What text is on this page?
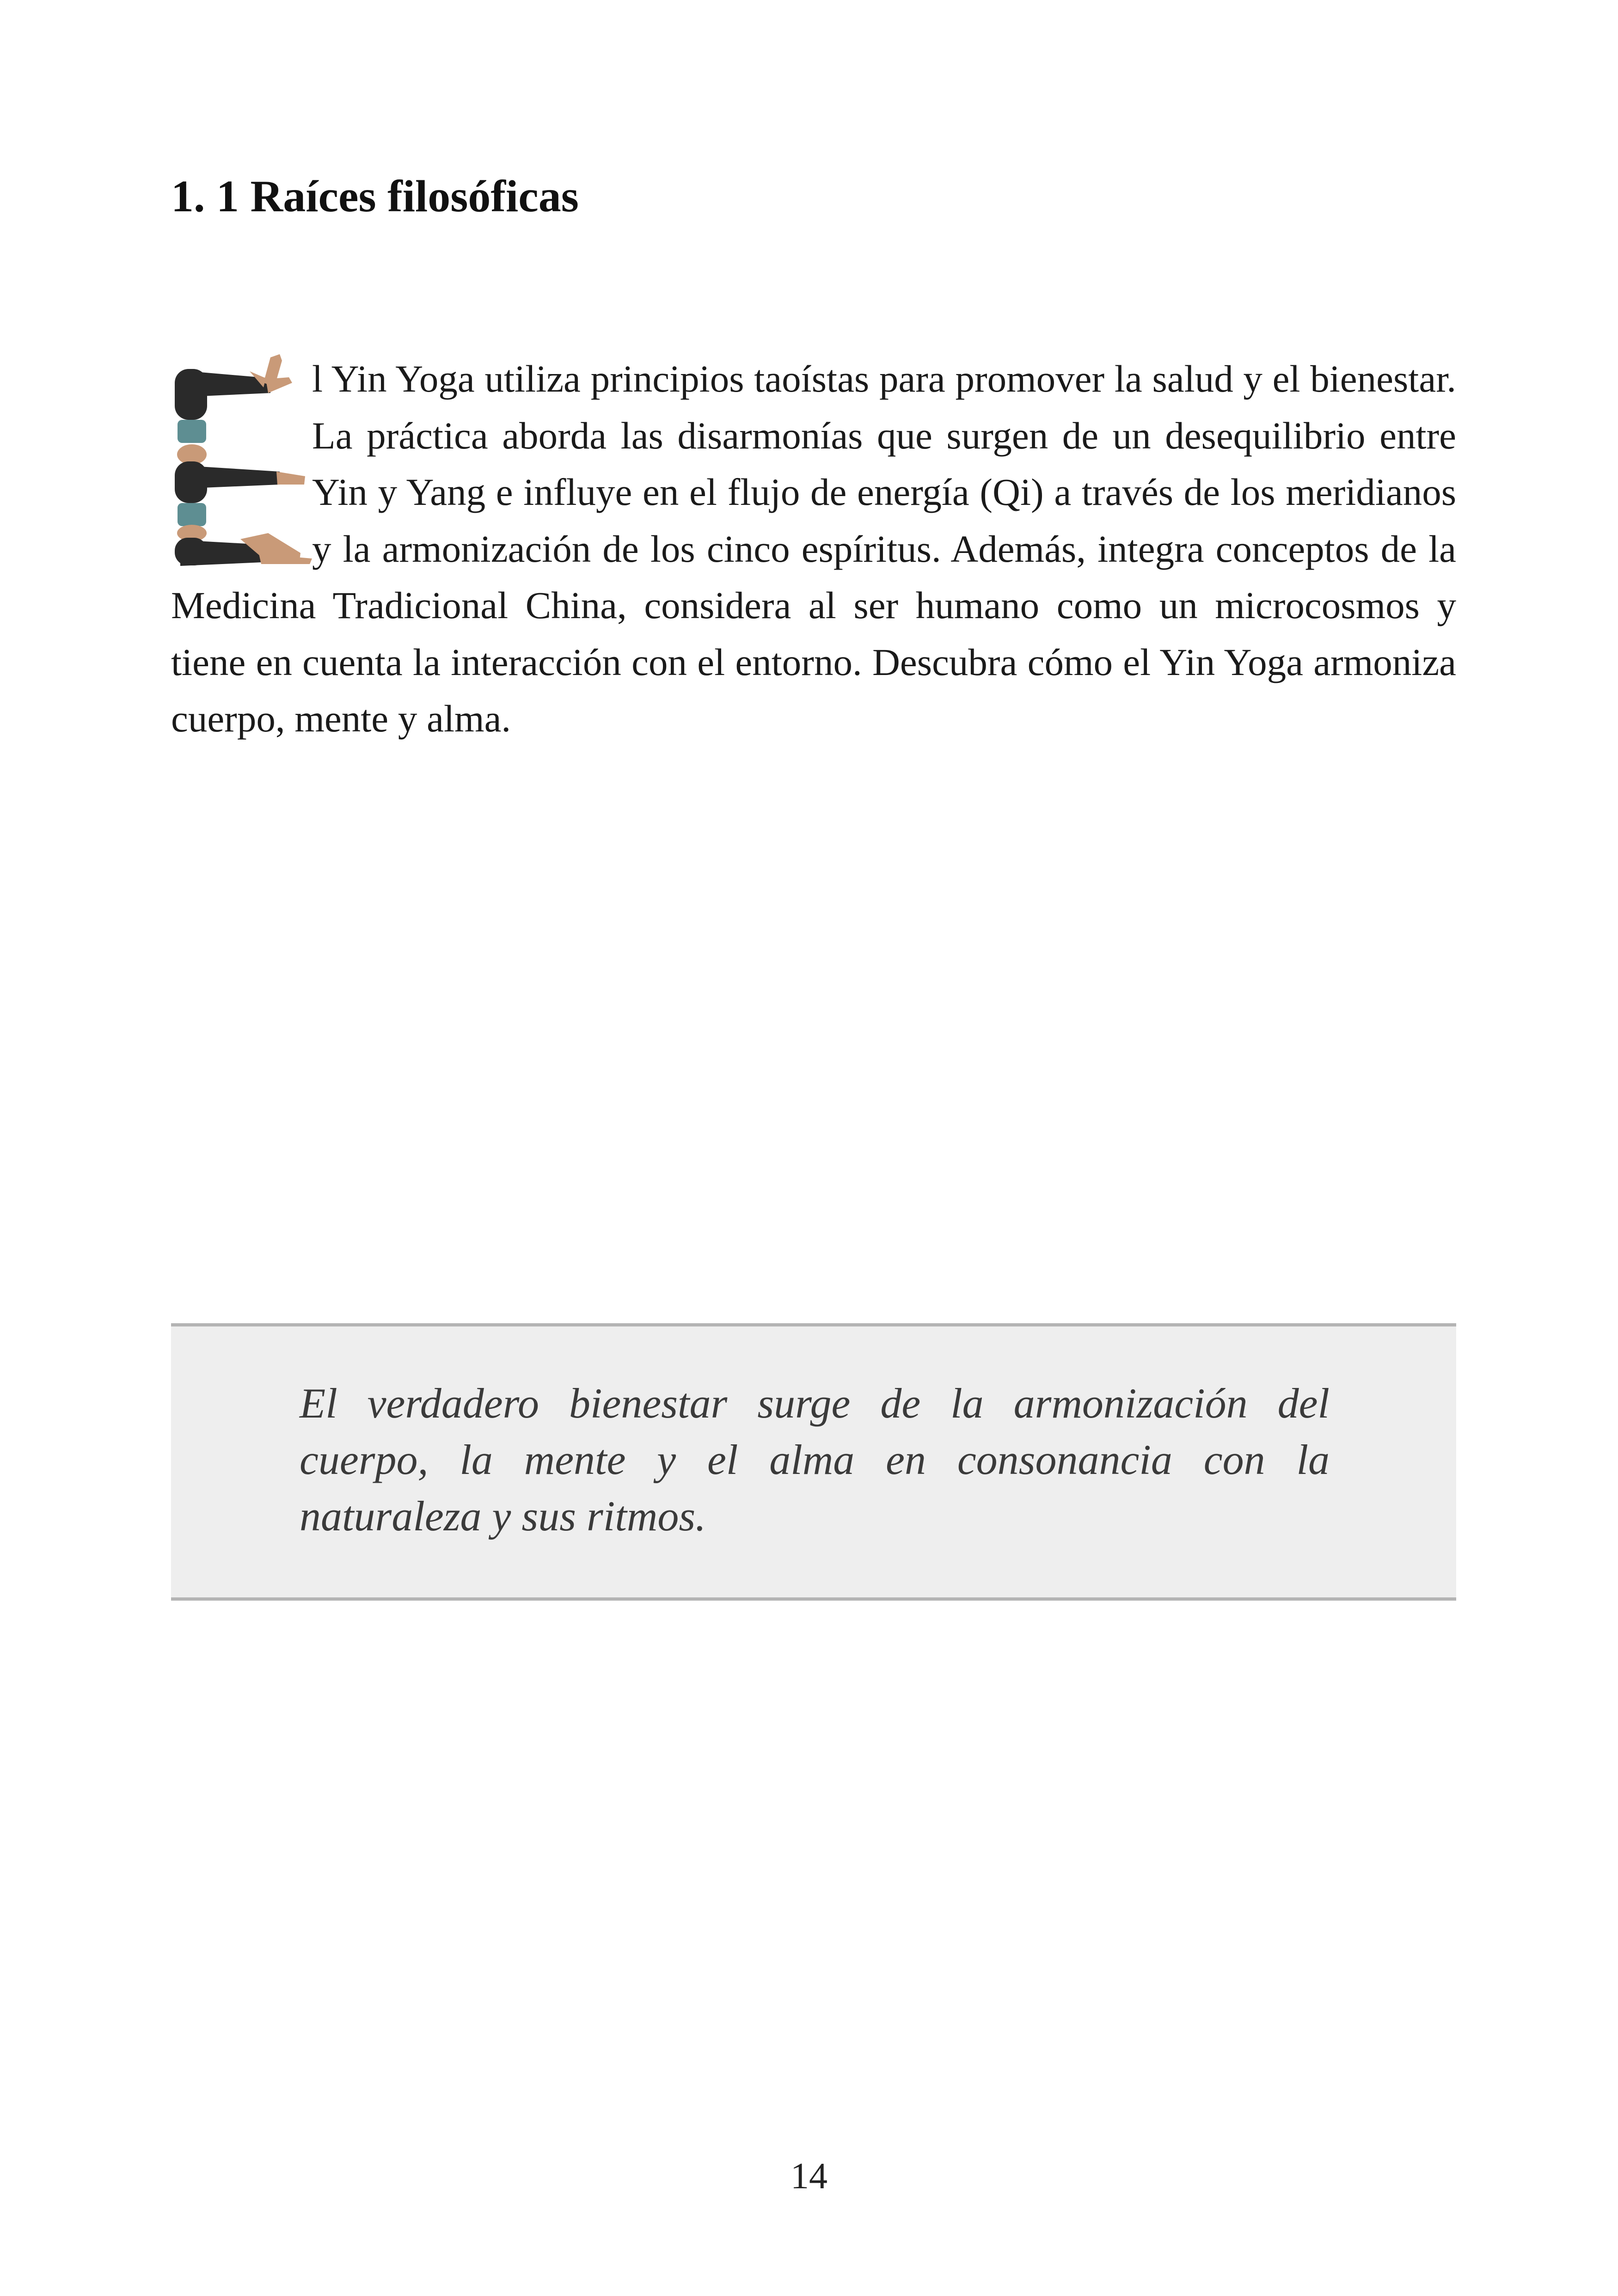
1. 1 Raíces filosóficas

l Yin Yoga utiliza principios taoístas para promover la salud y el bienestar. La práctica aborda las disarmonías que surgen de un desequilibrio entre Yin y Yang e influye en el flujo de energía (Qi) a través de los meridianos y la armonización de los cinco espíritus. Además, integra conceptos de la Medicina Tradicional China, considera al ser humano como un microcosmos y tiene en cuenta la interacción con el entorno. Descubra cómo el Yin Yoga armoniza cuerpo, mente y alma.

El verdadero bienestar surge de la armonización del cuerpo, la mente y el alma en consonancia con la naturaleza y sus ritmos.

14
